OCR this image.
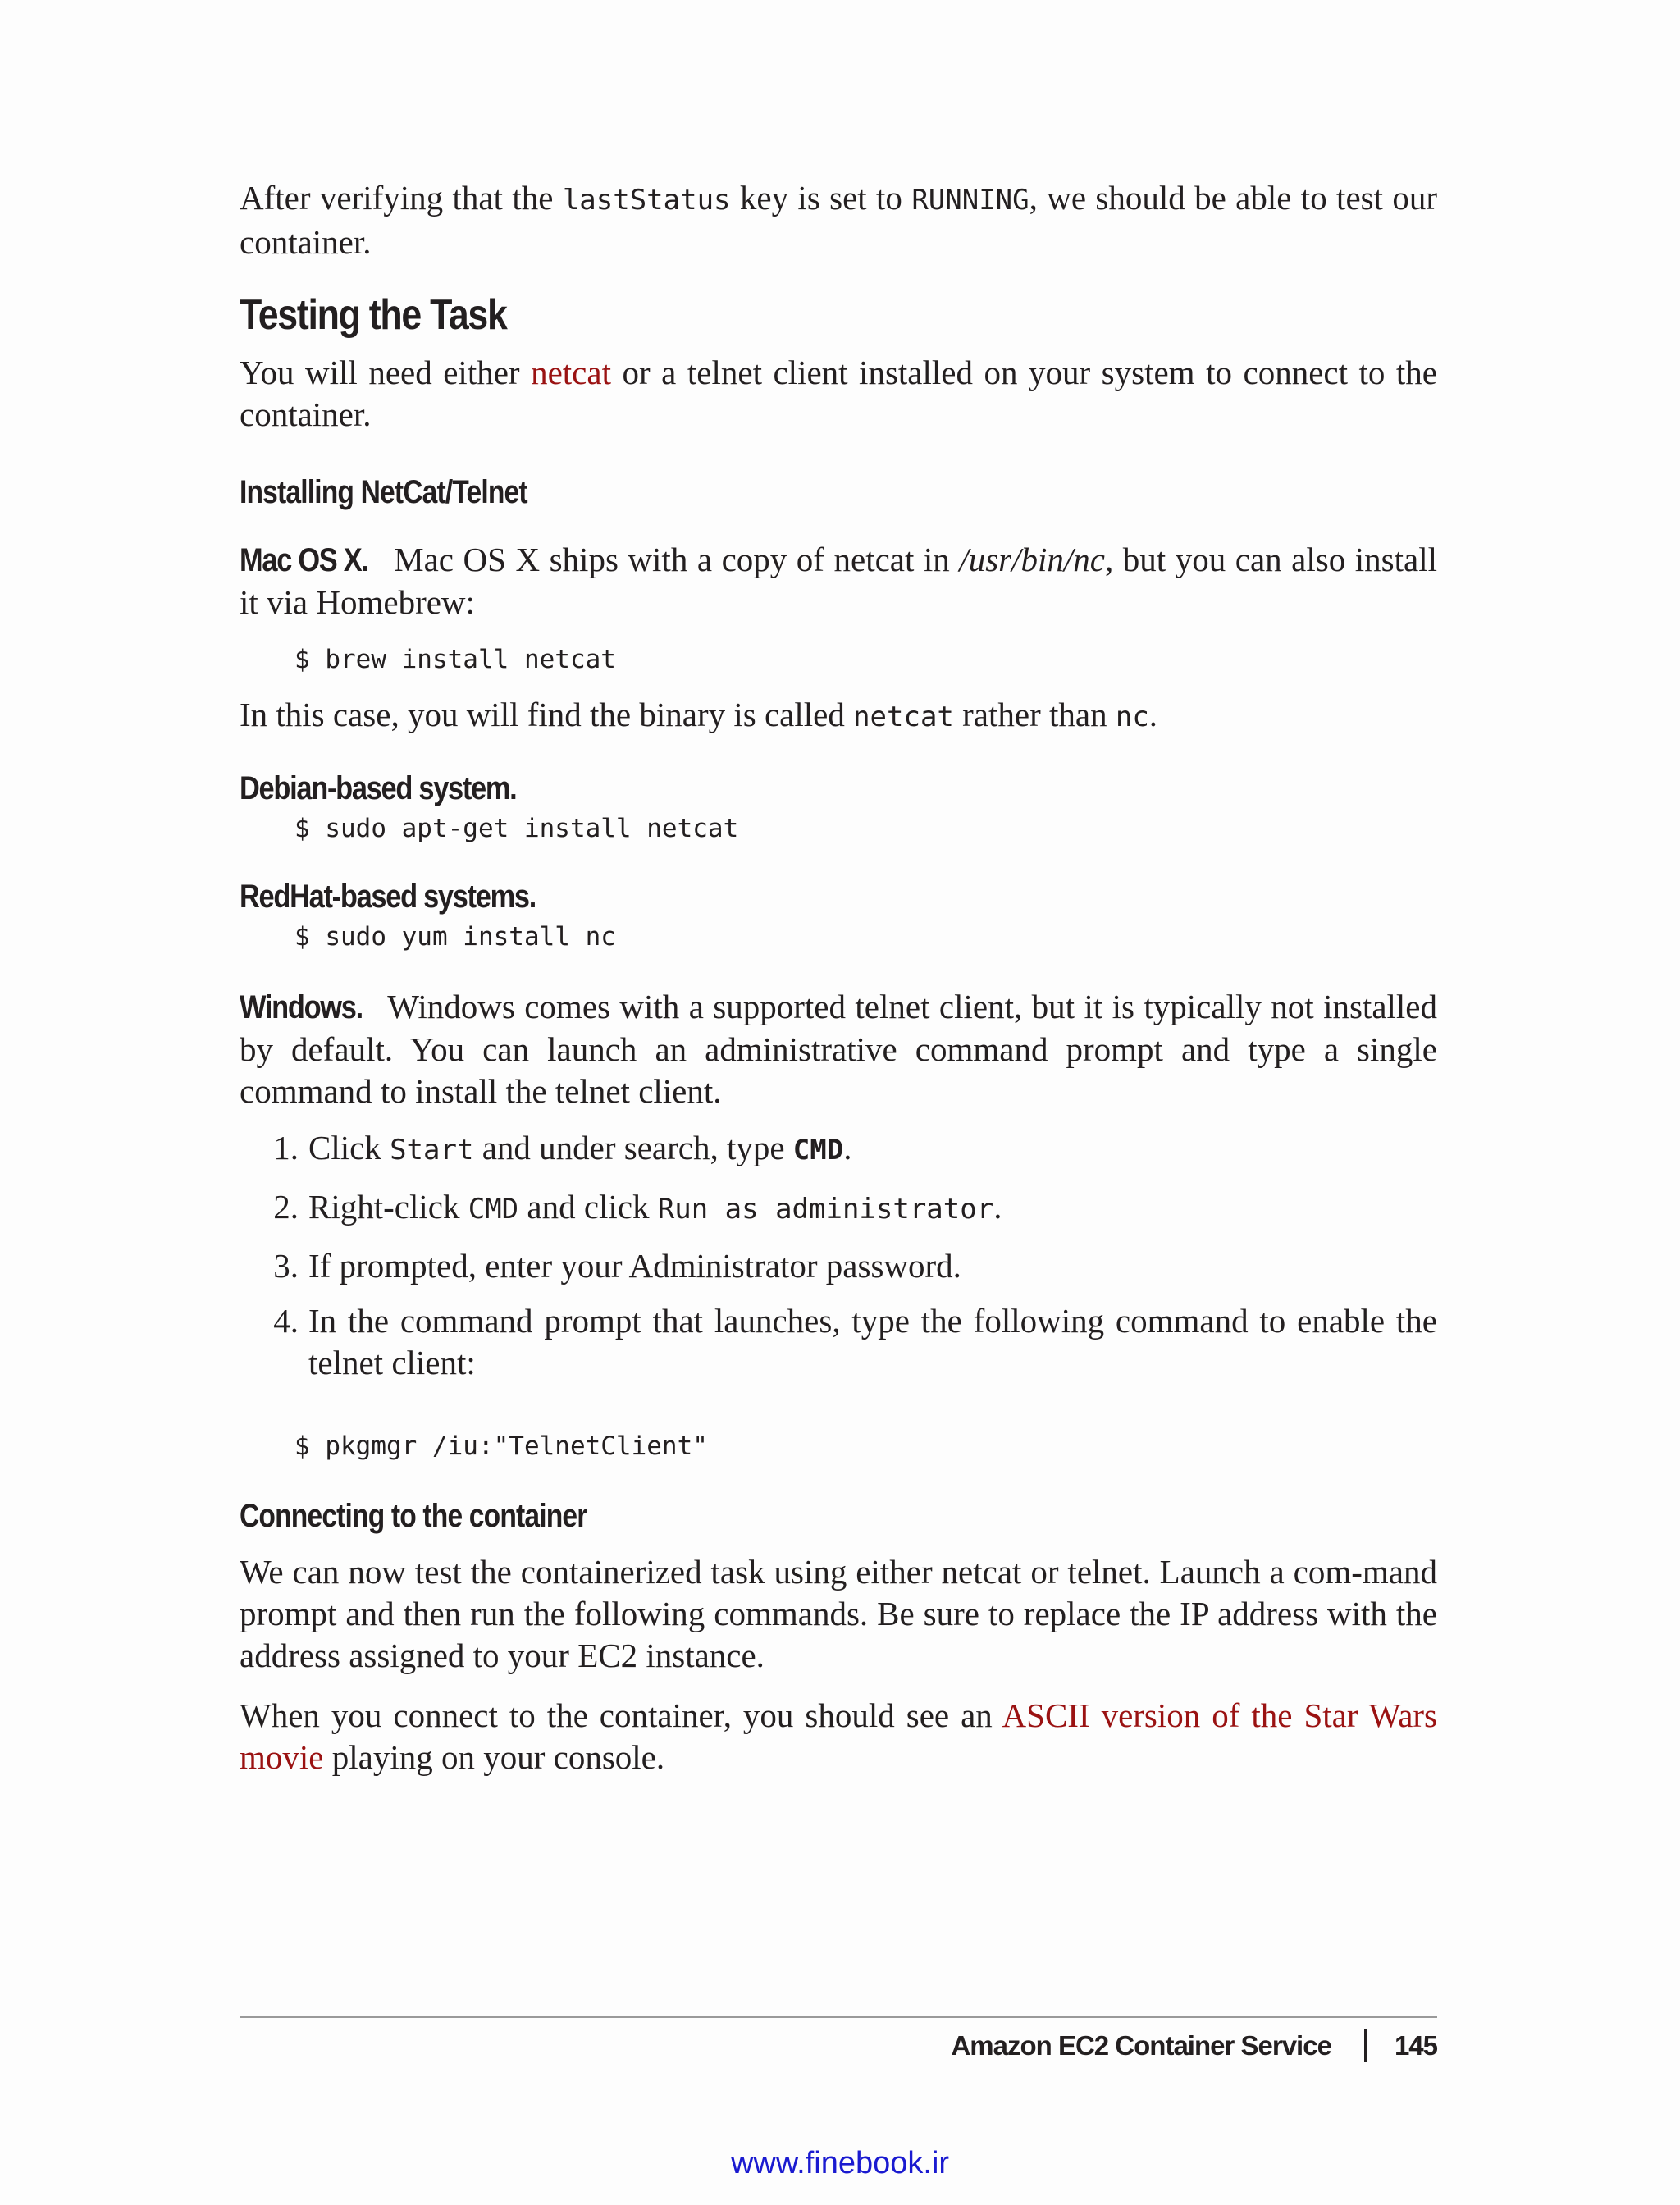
After verifying that the lastStatus key is set to RUNNING, we should be able to test our container.

Testing the Task

You will need either netcat or a telnet client installed on your system to connect to the container.

Installing NetCat/Telnet

Mac OS X. Mac OS X ships with a copy of netcat in /usr/bin/nc, but you can also install it via Homebrew:

$ brew install netcat

In this case, you will find the binary is called netcat rather than nc.

Debian-based system.
$ sudo apt-get install netcat
RedHat-based systems.
$ sudo yum install nc

Windows. Windows comes with a supported telnet client, but it is typically not installed by default. You can launch an administrative command prompt and type a single command to install the telnet client.

1. Click Start and under search, type CMD.
2. Right-click CMD and click Run as administrator.
3. If prompted, enter your Administrator password.
4. In the command prompt that launches, type the following command to enable the telnet client:
$ pkgmgr /iu:"TelnetClient"
Connecting to the container

We can now test the containerized task using either netcat or telnet. Launch a com-mand prompt and then run the following commands. Be sure to replace the IP address with the address assigned to your EC2 instance.

When you connect to the container, you should see an ASCII version of the Star Wars movie playing on your console.

Amazon EC2 Container Service 145
www.finebook.ir
